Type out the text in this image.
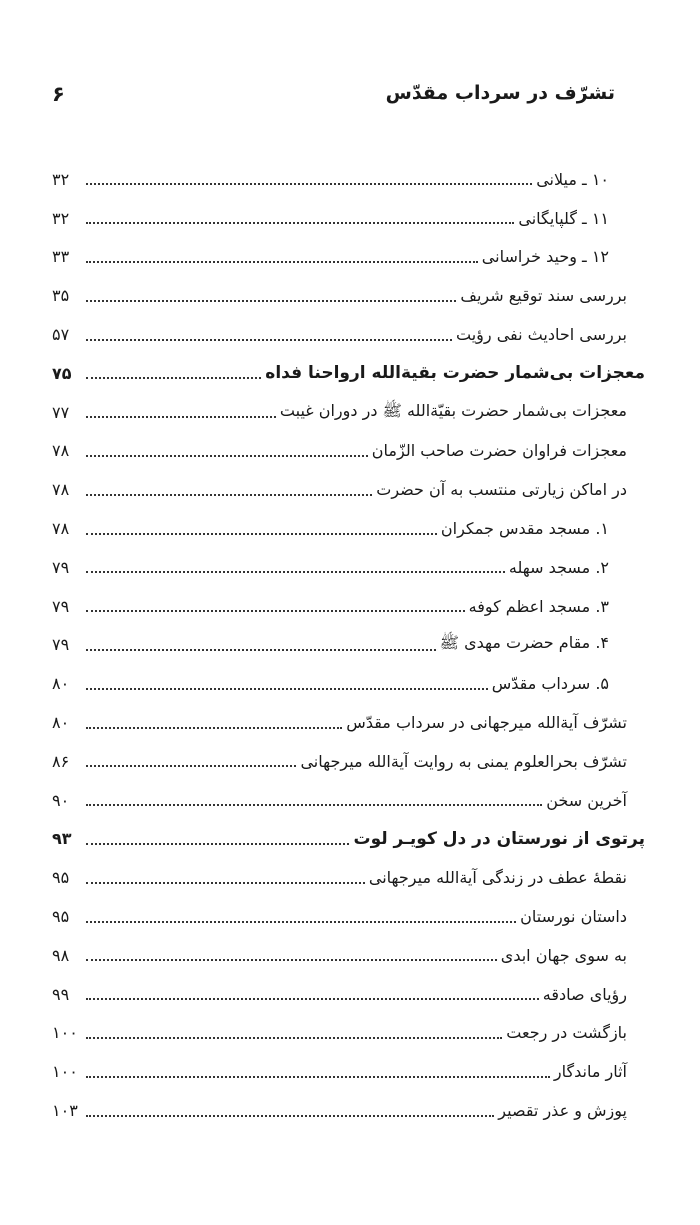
تشرّف در سرداب مقدّس
۶
۱۰ ـ میلانی
۳۲
۱۱ ـ گلپایگانی
۳۲
۱۲ ـ وحید خراسانی
۳۳
بررسی سند توقیع شریف
۳۵
بررسی احادیث نفی رؤیت
۵۷
معجزات بی‌شمار حضرت بقیةالله ارواحنا فداه
۷۵
معجزات بی‌شمار حضرت بقیّةالله ﷺ در دوران غیبت
۷۷
معجزات فراوان حضرت صاحب الزّمان
۷۸
در اماکن زیارتی منتسب به آن حضرت
۷۸
۱. مسجد مقدس جمکران
۷۸
۲. مسجد سهله
۷۹
۳. مسجد اعظم کوفه
۷۹
۴. مقام حضرت مهدی ﷺ
۷۹
۵. سرداب مقدّس
۸۰
تشرّف آیةالله میرجهانی در سرداب مقدّس
۸۰
تشرّف بحرالعلوم یمنی به روایت آیةالله میرجهانی
۸۶
آخرین سخن
۹۰
پرتوی از نورستان در دل کویـر لوت
۹۳
نقطهٔ عطف در زندگی آیةالله میرجهانی
۹۵
داستان نورستان
۹۵
به سوی جهان ابدی
۹۸
رؤیای صادقه
۹۹
بازگشت در رجعت
۱۰۰
آثار ماندگار
۱۰۰
پوزش و عذر تقصیر
۱۰۳
